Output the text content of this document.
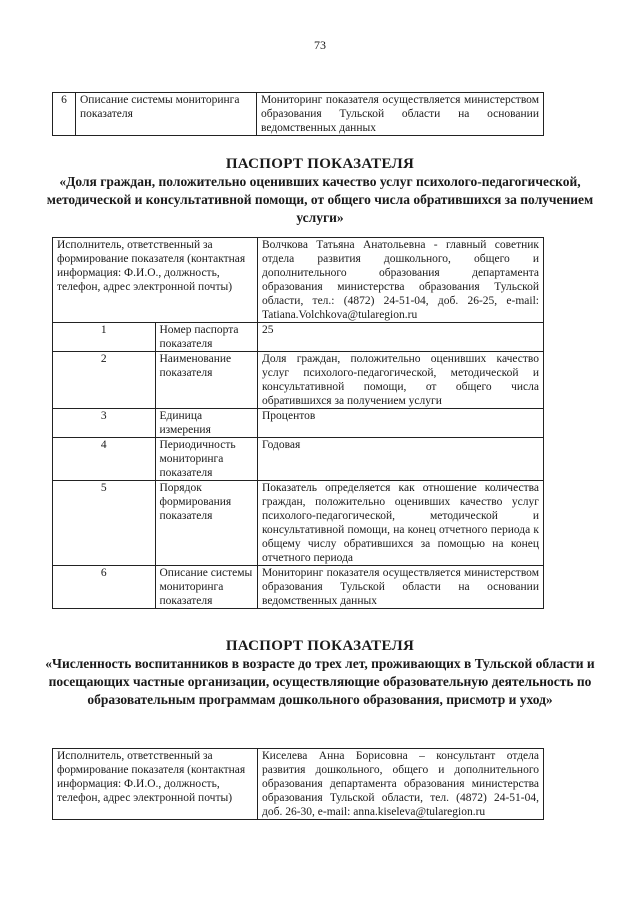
73
6	Описание системы мониторинга показателя	Мониторинг показателя осуществляется министерством образования Тульской области на основании ведомственных данных
ПАСПОРТ ПОКАЗАТЕЛЯ
«Доля граждан, положительно оценивших качество услуг психолого-педагогической, методической и консультативной помощи, от общего числа обратившихся за получением услуги»
Исполнитель, ответственный за формирование показателя (контактная информация: Ф.И.О., должность, телефон, адрес электронной почты)		Волчкова Татьяна Анатольевна - главный советник отдела развития дошкольного, общего и дополнительного образования департамента образования министерства образования Тульской области, тел.: (4872) 24-51-04, доб. 26-25, e-mail: Tatiana.Volchkova@tularegion.ru
1	Номер паспорта показателя	25
2	Наименование показателя	Доля граждан, положительно оценивших качество услуг психолого-педагогической, методической и консультативной помощи, от общего числа обратившихся за получением услуги
3	Единица измерения	Процентов
4	Периодичность мониторинга показателя	Годовая
5	Порядок формирования показателя	Показатель определяется как отношение количества граждан, положительно оценивших качество услуг психолого-педагогической, методической и консультативной помощи, на конец отчетного периода к общему числу обратившихся за помощью на конец отчетного периода
6	Описание системы мониторинга показателя	Мониторинг показателя осуществляется министерством образования Тульской области на основании ведомственных данных
ПАСПОРТ ПОКАЗАТЕЛЯ
«Численность воспитанников в возрасте до трех лет, проживающих в Тульской области и посещающих частные организации, осуществляющие образовательную деятельность по образовательным программам дошкольного образования, присмотр и уход»
Исполнитель, ответственный за формирование показателя (контактная информация: Ф.И.О., должность, телефон, адрес электронной почты)	Киселева Анна Борисовна – консультант отдела развития дошкольного, общего и дополнительного образования департамента образования министерства образования Тульской области, тел. (4872) 24-51-04, доб. 26-30, e-mail: anna.kiseleva@tularegion.ru
